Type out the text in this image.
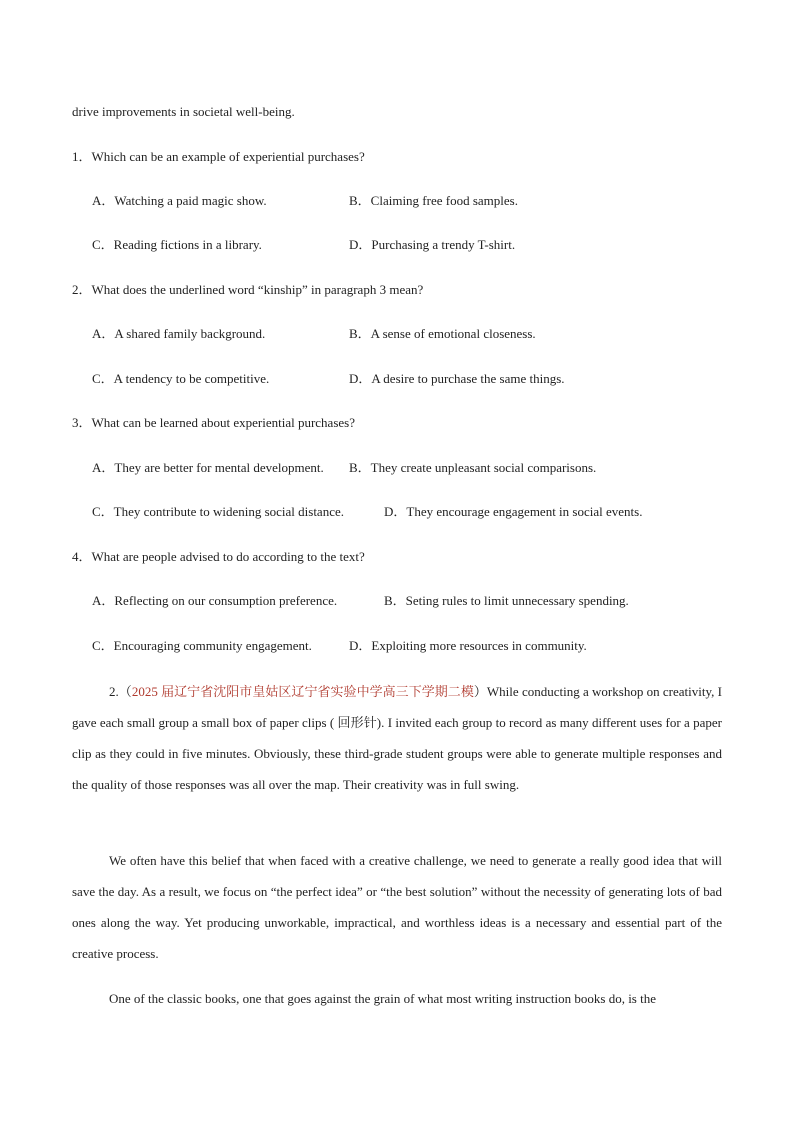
drive improvements in societal well-being.
1．Which can be an example of experiential purchases?
A．Watching a paid magic show.	B．Claiming free food samples.
C．Reading fictions in a library.	D．Purchasing a trendy T-shirt.
2．What does the underlined word “kinship” in paragraph 3 mean?
A．A shared family background.	B．A sense of emotional closeness.
C．A tendency to be competitive.	D．A desire to purchase the same things.
3．What can be learned about experiential purchases?
A．They are better for mental development. B．They create unpleasant social comparisons.
C．They contribute to widening social distance.	D．They encourage engagement in social events.
4．What are people advised to do according to the text?
A．Reflecting on our consumption preference.	B．Seting rules to limit unnecessary spending.
C．Encouraging community engagement.	D．Exploiting more resources in community.
2.（2025 届辽宁省沈阳市皇姑区辽宁省实验中学高三下学期二模）While conducting a workshop on creativity, I gave each small group a small box of paper clips ( 回形针). I invited each group to record as many different uses for a paper clip as they could in five minutes. Obviously, these third-grade student groups were able to generate multiple responses and the quality of those responses was all over the map. Their creativity was in full swing.
We often have this belief that when faced with a creative challenge, we need to generate a really good idea that will save the day. As a result, we focus on “the perfect idea” or “the best solution” without the necessity of generating lots of bad ones along the way. Yet producing unworkable, impractical, and worthless ideas is a necessary and essential part of the creative process.
One of the classic books, one that goes against the grain of what most writing instruction books do, is the
